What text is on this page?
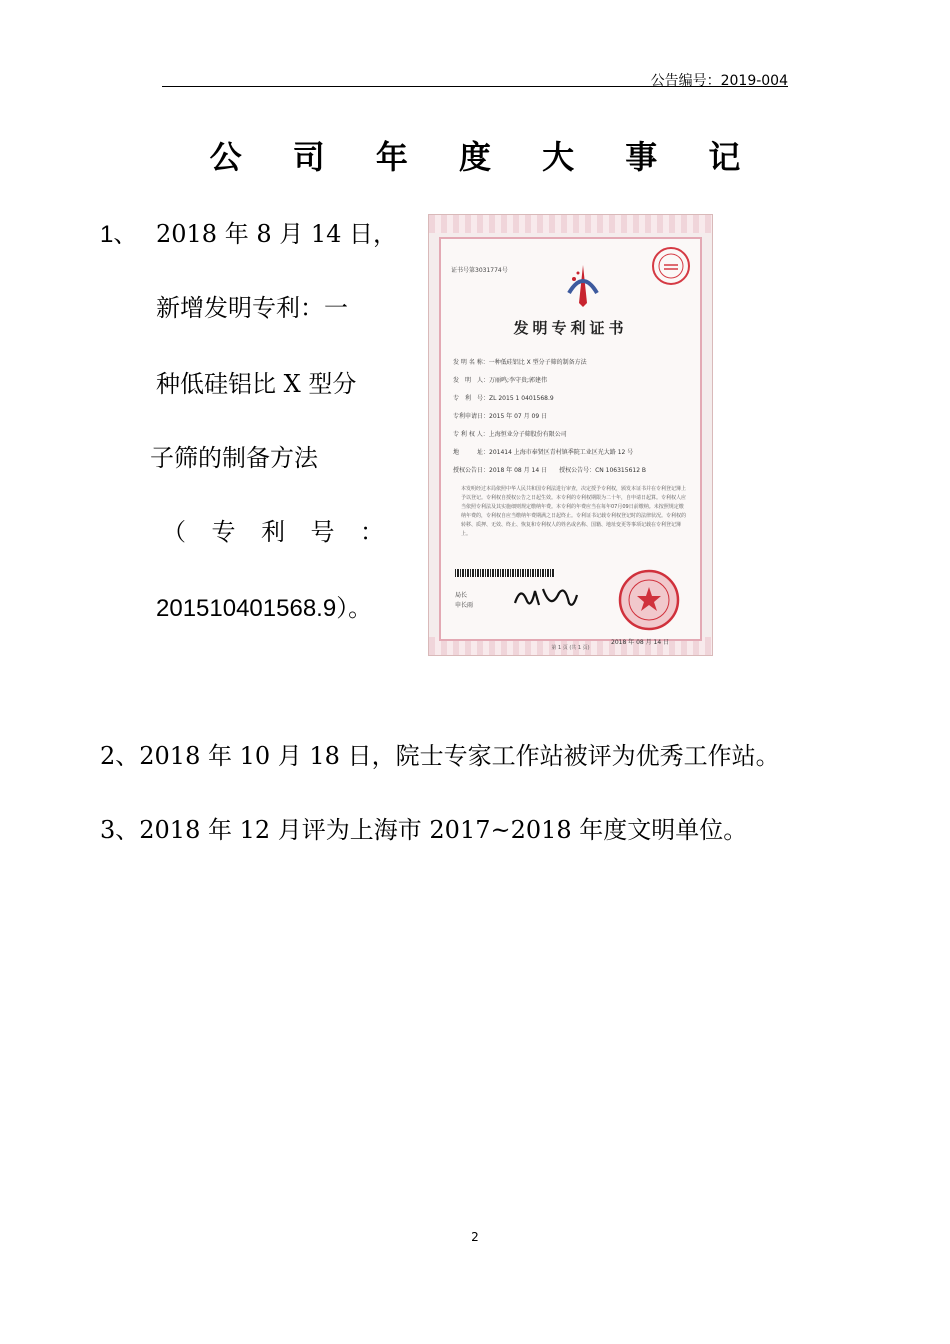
公告编号：2019-004
公 司 年 度 大 事 记
1、 2018 年 8 月 14 日，
新增发明专利：一
种低硅铝比 X 型分
子筛的制备方法
（ 专 利 号 ：
201510401568.9）。
证书号第3031774号
发明专利证书
发 明 名 称：一种低硅铝比 X 型分子筛的制备方法
发　明　人：万丽鸣;李守贵;郭建伟
专　利　号：ZL 2015 1 0401568.9
专利申请日：2015 年 07 月 09 日
专 利 权 人：上海恒业分子筛股份有限公司
地　　　址：201414 上海市奉贤区青村镇季院工业区光大路 12 号
授权公告日：2018 年 08 月 14 日　　授权公告号：CN 106315612 B
本发明经过本局依照中华人民共和国专利法进行审查，决定授予专利权，颁发本证书并在专利登记簿上予以登记。专利权自授权公告之日起生效。本专利的专利权期限为二十年，自申请日起算。专利权人应当依照专利法及其实施细则规定缴纳年费。本专利的年费应当在每年07月09日前缴纳。未按照规定缴纳年费的，专利权自应当缴纳年费期满之日起终止。专利证书记载专利权登记时的法律状况。专利权的转移、质押、无效、终止、恢复和专利权人的姓名或名称、国籍、地址变更等事项记载在专利登记簿上。
局长
申长雨
2018 年 08 月 14 日
第 1 页 (共 1 页)
2、2018 年 10 月 18 日，院士专家工作站被评为优秀工作站。
3、2018 年 12 月评为上海市 2017~2018 年度文明单位。
2
